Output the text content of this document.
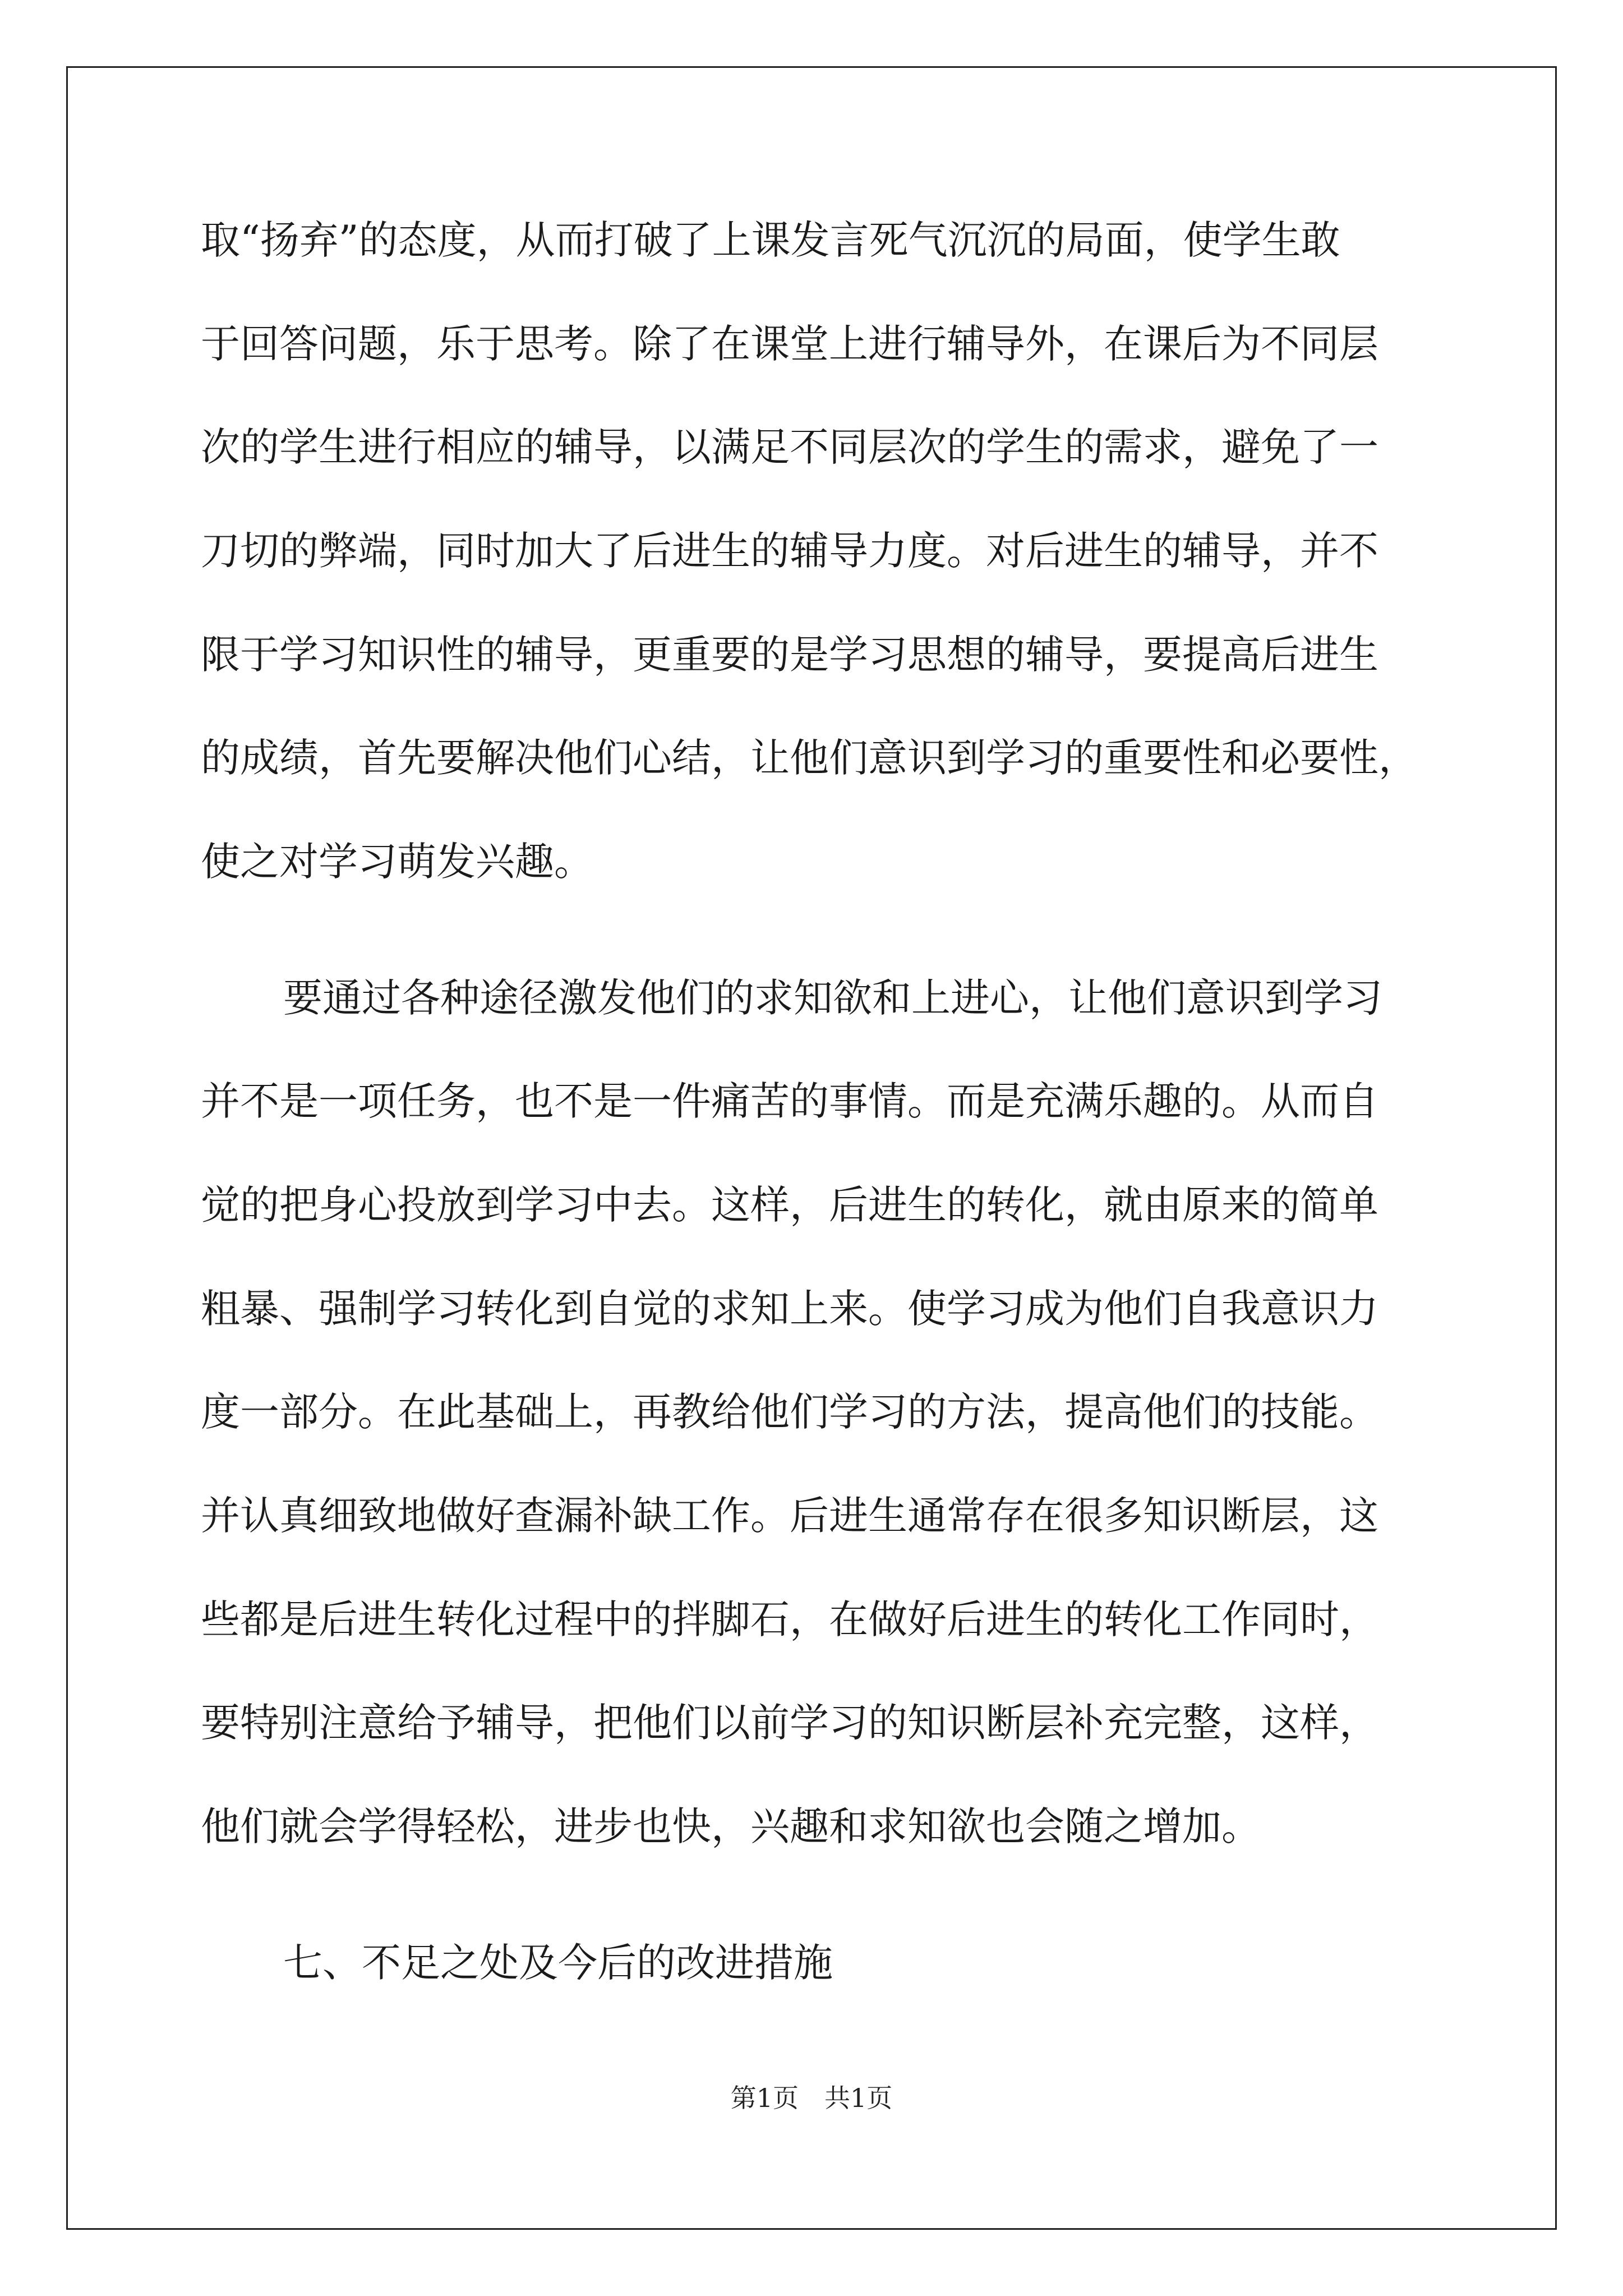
取“扬弃”的态度，从而打破了上课发言死气沉沉的局面，使学生敢
于回答问题，乐于思考。除了在课堂上进行辅导外，在课后为不同层
次的学生进行相应的辅导，以满足不同层次的学生的需求，避免了一
刀切的弊端，同时加大了后进生的辅导力度。对后进生的辅导，并不
限于学习知识性的辅导，更重要的是学习思想的辅导，要提高后进生
的成绩，首先要解决他们心结，让他们意识到学习的重要性和必要性，
使之对学习萌发兴趣。
要通过各种途径激发他们的求知欲和上进心，让他们意识到学习
并不是一项任务，也不是一件痛苦的事情。而是充满乐趣的。从而自
觉的把身心投放到学习中去。这样，后进生的转化，就由原来的简单
粗暴、强制学习转化到自觉的求知上来。使学习成为他们自我意识力
度一部分。在此基础上，再教给他们学习的方法，提高他们的技能。
并认真细致地做好查漏补缺工作。后进生通常存在很多知识断层，这
些都是后进生转化过程中的拌脚石，在做好后进生的转化工作同时，
要特别注意给予辅导，把他们以前学习的知识断层补充完整，这样，
他们就会学得轻松，进步也快，兴趣和求知欲也会随之增加。
七、不足之处及今后的改进措施
第1页　共1页
